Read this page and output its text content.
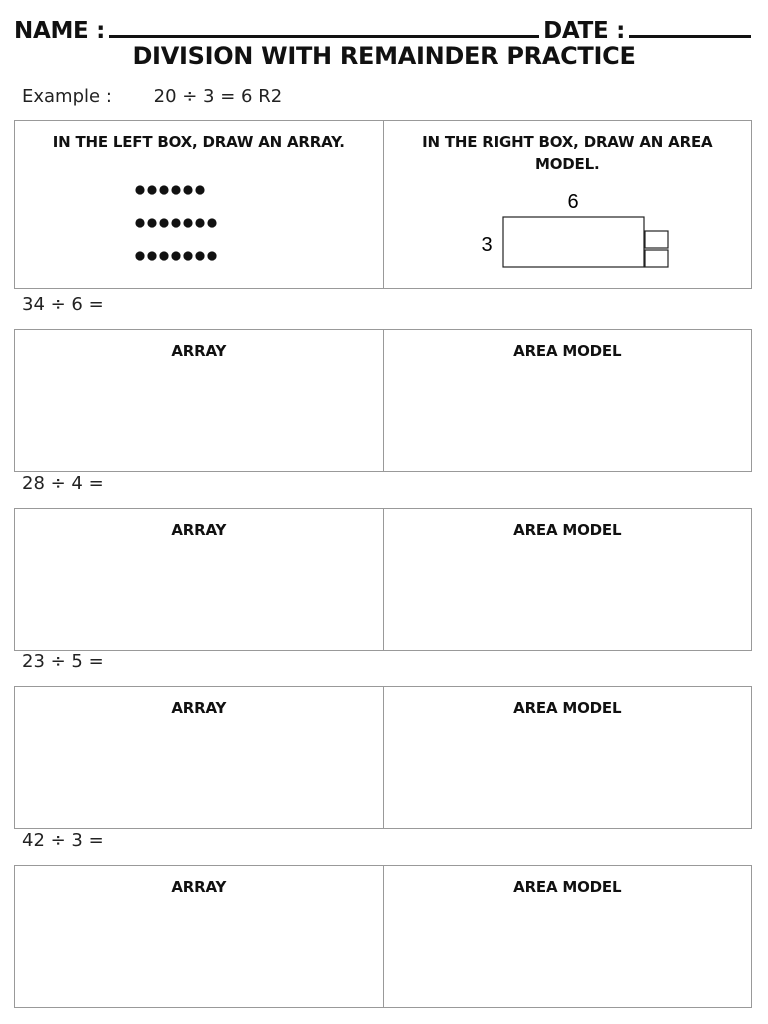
NAME :	DATE :
DIVISION WITH REMAINDER PRACTICE
Example : 20 ÷ 3 = 6 R2
IN THE LEFT BOX, DRAW AN ARRAY.	IN THE RIGHT BOX, DRAW AN AREA
MODEL.
6
3
34 ÷ 6 =
ARRAY	AREA MODEL
28 ÷ 4 =
ARRAY	AREA MODEL
23 ÷ 5 =
ARRAY	AREA MODEL
42 ÷ 3 =
ARRAY	AREA MODEL
